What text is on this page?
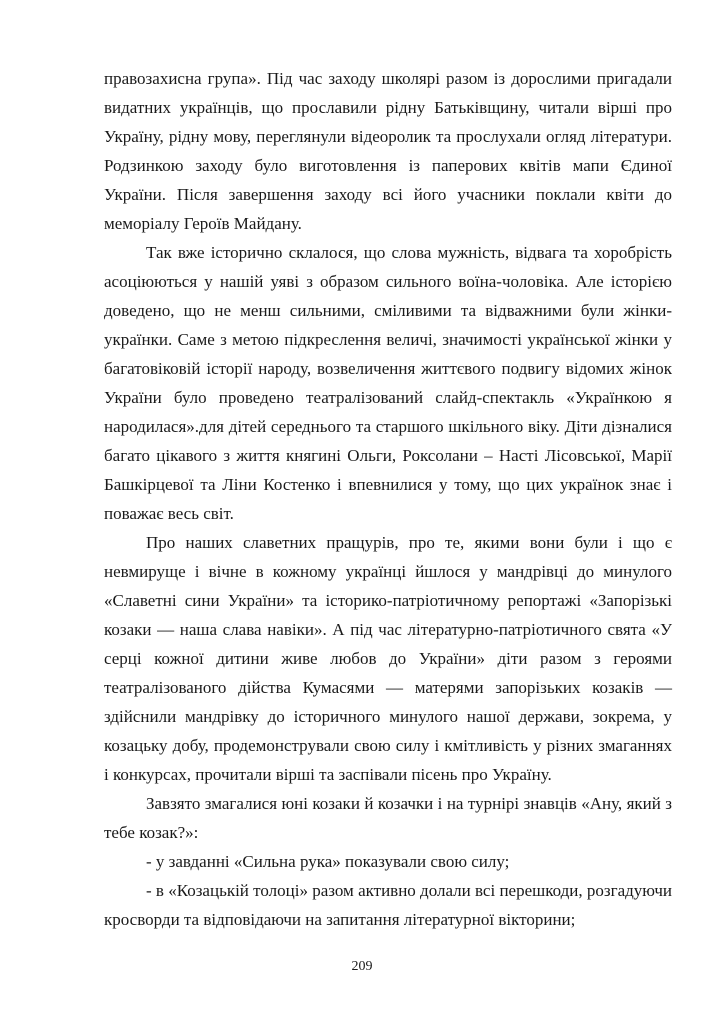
правозахисна група». Під час заходу школярі разом із дорослими пригадали видатних українців, що прославили рідну Батьківщину, читали вірші про Україну, рідну мову, переглянули відеоролик та прослухали огляд літератури. Родзинкою заходу було виготовлення із паперових квітів мапи Єдиної України. Після завершення заходу всі його учасники поклали квіти до меморіалу Героїв Майдану.

Так вже історично склалося, що слова мужність, відвага та хоробрість асоціюються у нашій уяві з образом сильного воїна-чоловіка. Але історією доведено, що не менш сильними, сміливими та відважними були жінки-українки. Саме з метою підкреслення величі, значимості української жінки у багатовіковій історії народу, возвеличення життєвого подвигу відомих жінок України було проведено театралізований слайд-спектакль «Українкою я народилася».для дітей середнього та старшого шкільного віку. Діти дізналися багато цікавого з життя княгині Ольги, Роксолани – Насті Лісовської, Марії Башкірцевої та Ліни Костенко і впевнилися у тому, що цих українок знає і поважає весь світ.

Про наших славетних пращурів, про те, якими вони були і що є невмируще і вічне в кожному українці йшлося у мандрівці до минулого «Славетні сини України» та історико-патріотичному репортажі «Запорізькі козаки — наша слава навіки». А під час літературно-патріотичного свята «У серці кожної дитини живе любов до України» діти разом з героями театралізованого дійства Кумасями — матерями запорізьких козаків — здійснили мандрівку до історичного минулого нашої держави, зокрема, у козацьку добу, продемонстрували свою силу і кмітливість у різних змаганнях і конкурсах, прочитали вірші та заспівали пісень про Україну.

Завзято змагалися юні козаки й козачки і на турнірі знавців «Ану, який з тебе козак?»:

- у завданні «Сильна рука» показували свою силу;

- в «Козацькій толоці» разом активно долали всі перешкоди, розгадуючи кросворди та відповідаючи на запитання літературної вікторини;

209
